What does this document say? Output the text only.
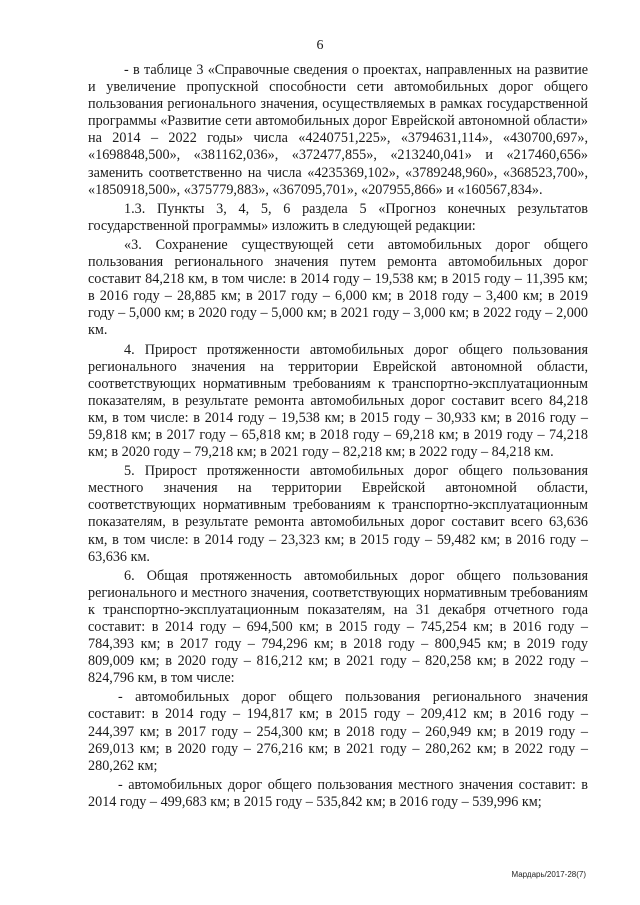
6

- в таблице 3 «Справочные сведения о проектах, направленных на развитие и увеличение пропускной способности сети автомобильных дорог общего пользования регионального значения, осуществляемых в рамках государственной программы «Развитие сети автомобильных дорог Еврейской автономной области» на 2014 – 2022 годы» числа «4240751,225», «3794631,114», «430700,697», «1698848,500», «381162,036», «372477,855», «213240,041» и «217460,656» заменить соответственно на числа «4235369,102», «3789248,960», «368523,700», «1850918,500», «375779,883», «367095,701», «207955,866» и «160567,834».

1.3. Пункты 3, 4, 5, 6 раздела 5 «Прогноз конечных результатов государственной программы» изложить в следующей редакции:

«3. Сохранение существующей сети автомобильных дорог общего пользования регионального значения путем ремонта автомобильных дорог составит 84,218 км, в том числе: в 2014 году – 19,538 км; в 2015 году – 11,395 км; в 2016 году – 28,885 км; в 2017 году – 6,000 км; в 2018 году – 3,400 км; в 2019 году – 5,000 км; в 2020 году – 5,000 км; в 2021 году – 3,000 км; в 2022 году – 2,000 км.

4. Прирост протяженности автомобильных дорог общего пользования регионального значения на территории Еврейской автономной области, соответствующих нормативным требованиям к транспортно-эксплуатационным показателям, в результате ремонта автомобильных дорог составит всего 84,218 км, в том числе: в 2014 году – 19,538 км; в 2015 году – 30,933 км; в 2016 году – 59,818 км; в 2017 году – 65,818 км; в 2018 году – 69,218 км; в 2019 году – 74,218 км; в 2020 году – 79,218 км; в 2021 году – 82,218 км; в 2022 году – 84,218 км.

5. Прирост протяженности автомобильных дорог общего пользования местного значения на территории Еврейской автономной области, соответствующих нормативным требованиям к транспортно-эксплуатационным показателям, в результате ремонта автомобильных дорог составит всего 63,636 км, в том числе: в 2014 году – 23,323 км; в 2015 году – 59,482 км; в 2016 году – 63,636 км.

6. Общая протяженность автомобильных дорог общего пользования регионального и местного значения, соответствующих нормативным требованиям к транспортно-эксплуатационным показателям, на 31 декабря отчетного года составит: в 2014 году – 694,500 км; в 2015 году – 745,254 км; в 2016 году – 784,393 км; в 2017 году – 794,296 км; в 2018 году – 800,945 км; в 2019 году 809,009 км; в 2020 году – 816,212 км; в 2021 году – 820,258 км; в 2022 году – 824,796 км, в том числе:

- автомобильных дорог общего пользования регионального значения составит: в 2014 году – 194,817 км; в 2015 году – 209,412 км; в 2016 году – 244,397 км; в 2017 году – 254,300 км; в 2018 году – 260,949 км; в 2019 году – 269,013 км; в 2020 году – 276,216 км; в 2021 году – 280,262 км; в 2022 году – 280,262 км;

- автомобильных дорог общего пользования местного значения составит: в 2014 году – 499,683 км; в 2015 году – 535,842 км; в 2016 году – 539,996 км;

Мардарь/2017-28(7)
